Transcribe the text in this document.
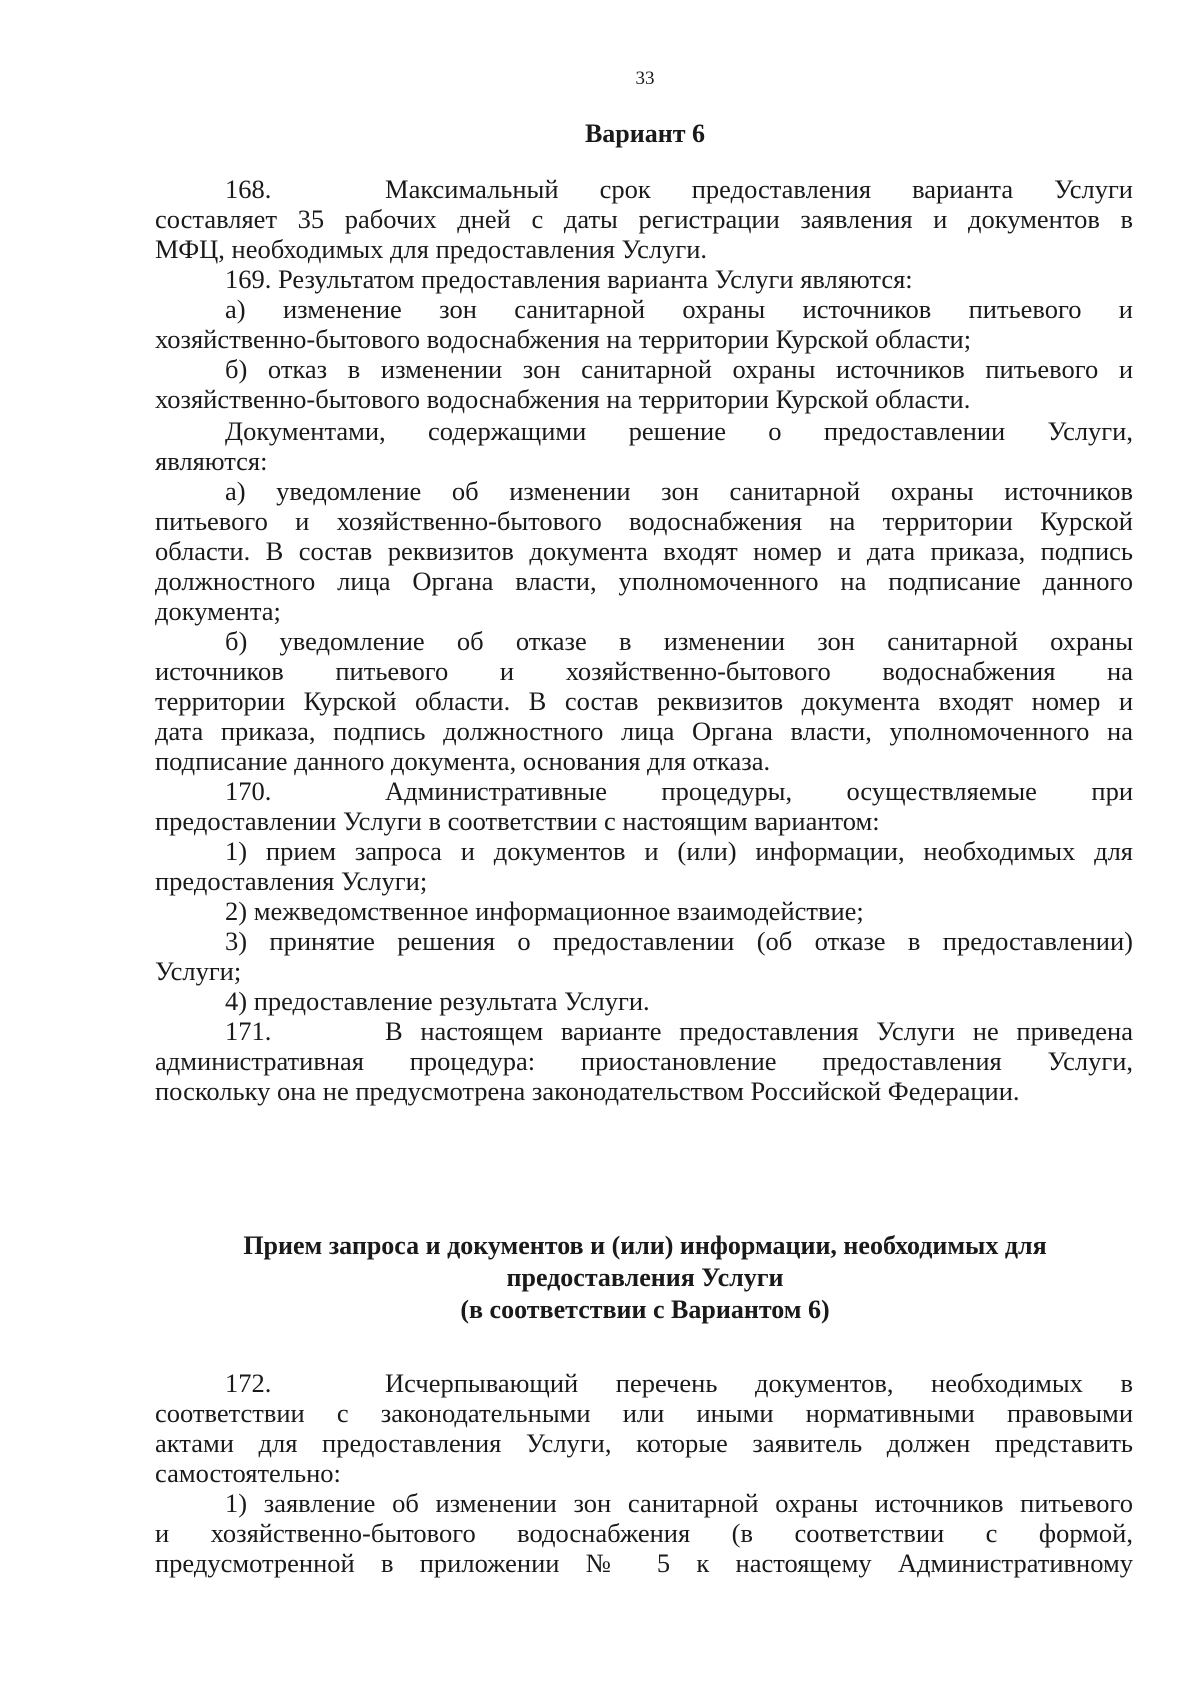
33
Вариант 6
168.	Максимальный срок предоставления варианта Услуги
составляет 35 рабочих дней с даты регистрации заявления и документов в
МФЦ, необходимых для предоставления Услуги.
169. Результатом предоставления варианта Услуги являются:
а) изменение зон санитарной охраны источников питьевого и
хозяйственно-бытового водоснабжения на территории Курской области;
б) отказ в изменении зон санитарной охраны источников питьевого и
хозяйственно-бытового водоснабжения на территории Курской области.
Документами, содержащими решение о предоставлении Услуги,
являются:
а) уведомление об изменении зон санитарной охраны источников
питьевого и хозяйственно-бытового водоснабжения на территории Курской
области. В состав реквизитов документа входят номер и дата приказа, подпись
должностного лица Органа власти, уполномоченного на подписание данного
документа;
б) уведомление об отказе в изменении зон санитарной охраны
источников питьевого и хозяйственно-бытового водоснабжения на
территории Курской области. В состав реквизитов документа входят номер и
дата приказа, подпись должностного лица Органа власти, уполномоченного на
подписание данного документа, основания для отказа.
170.	Административные процедуры, осуществляемые при
предоставлении Услуги в соответствии с настоящим вариантом:
1) прием запроса и документов и (или) информации, необходимых для
предоставления Услуги;
2) межведомственное информационное взаимодействие;
3) принятие решения о предоставлении (об отказе в предоставлении)
Услуги;
4) предоставление результата Услуги.
171.	В настоящем варианте предоставления Услуги не приведена
административная процедура: приостановление предоставления Услуги,
поскольку она не предусмотрена законодательством Российской Федерации.
Прием запроса и документов и (или) информации, необходимых для
предоставления Услуги
(в соответствии с Вариантом 6)
172.	Исчерпывающий перечень документов, необходимых в
соответствии с законодательными или иными нормативными правовыми
актами для предоставления Услуги, которые заявитель должен представить
самостоятельно:
1) заявление об изменении зон санитарной охраны источников питьевого
и хозяйственно-бытового водоснабжения (в соответствии с формой,
предусмотренной в приложении № 5 к настоящему Административному
